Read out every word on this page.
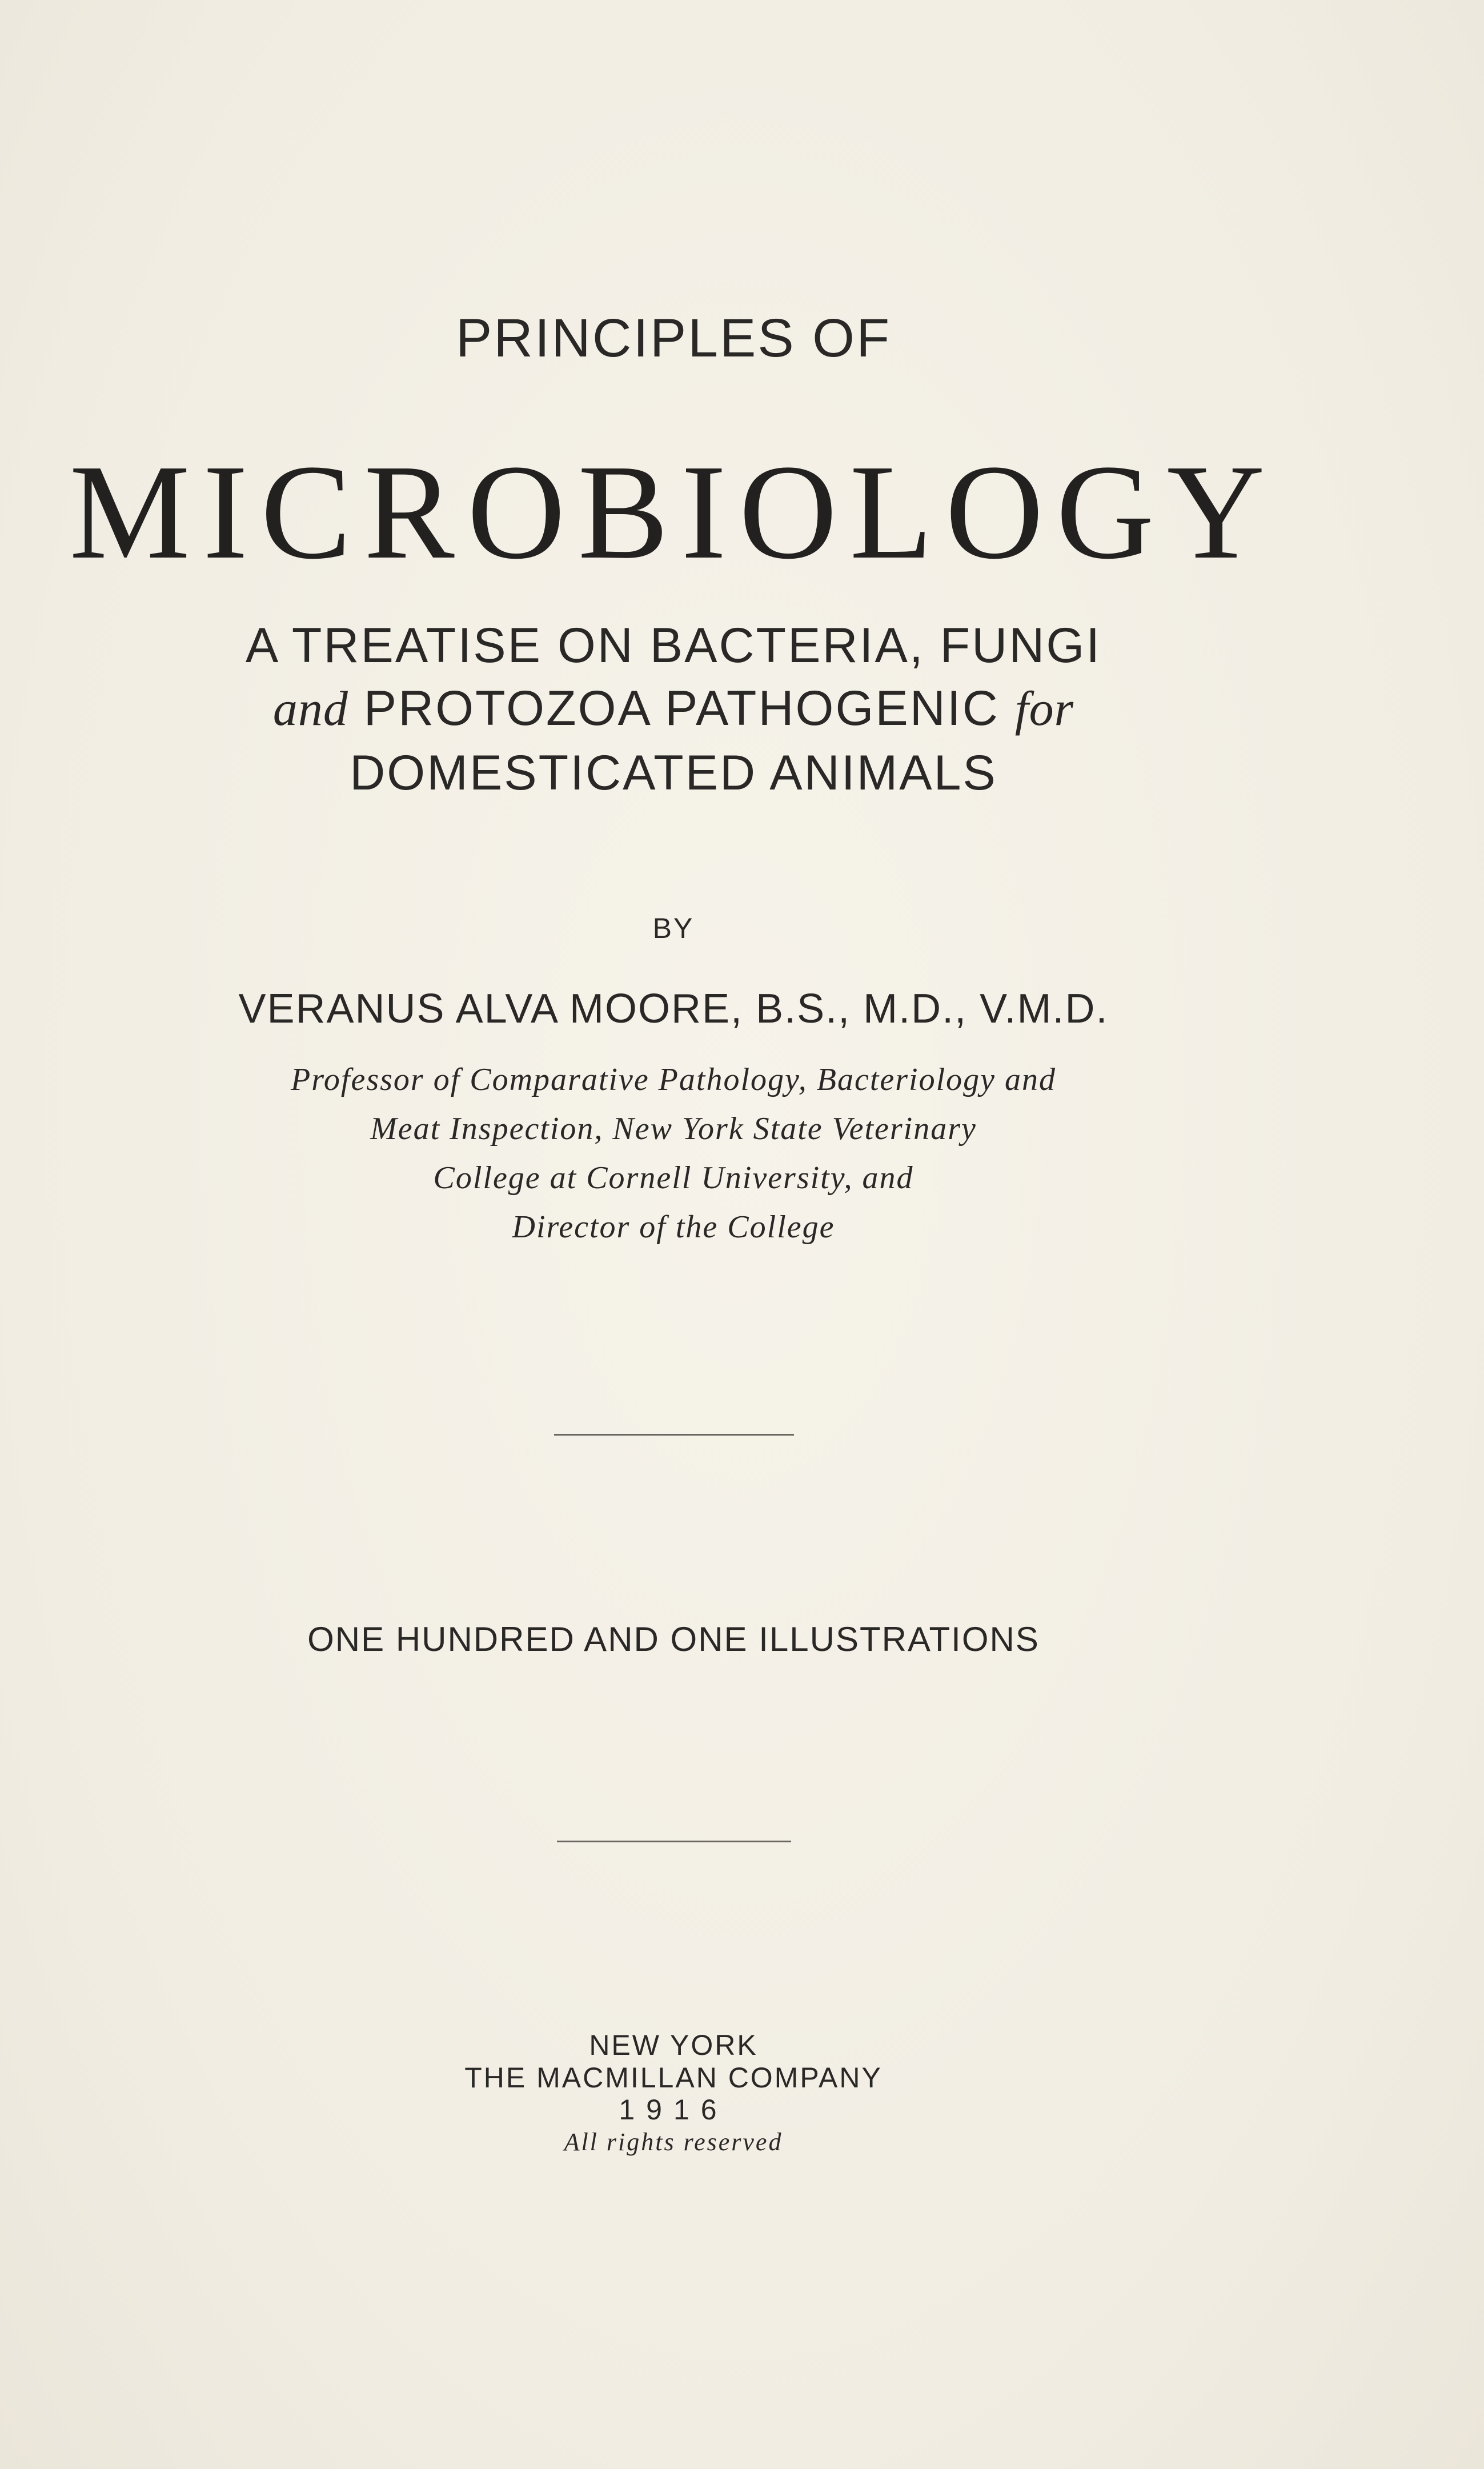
PRINCIPLES OF
MICROBIOLOGY
A TREATISE ON BACTERIA, FUNGI
and PROTOZOA PATHOGENIC for
DOMESTICATED ANIMALS
BY
VERANUS ALVA MOORE, B.S., M.D., V.M.D.
Professor of Comparative Pathology, Bacteriology and
Meat Inspection, New York State Veterinary
College at Cornell University, and
Director of the College
ONE HUNDRED AND ONE ILLUSTRATIONS
NEW YORK
THE MACMILLAN COMPANY
1916
All rights reserved
